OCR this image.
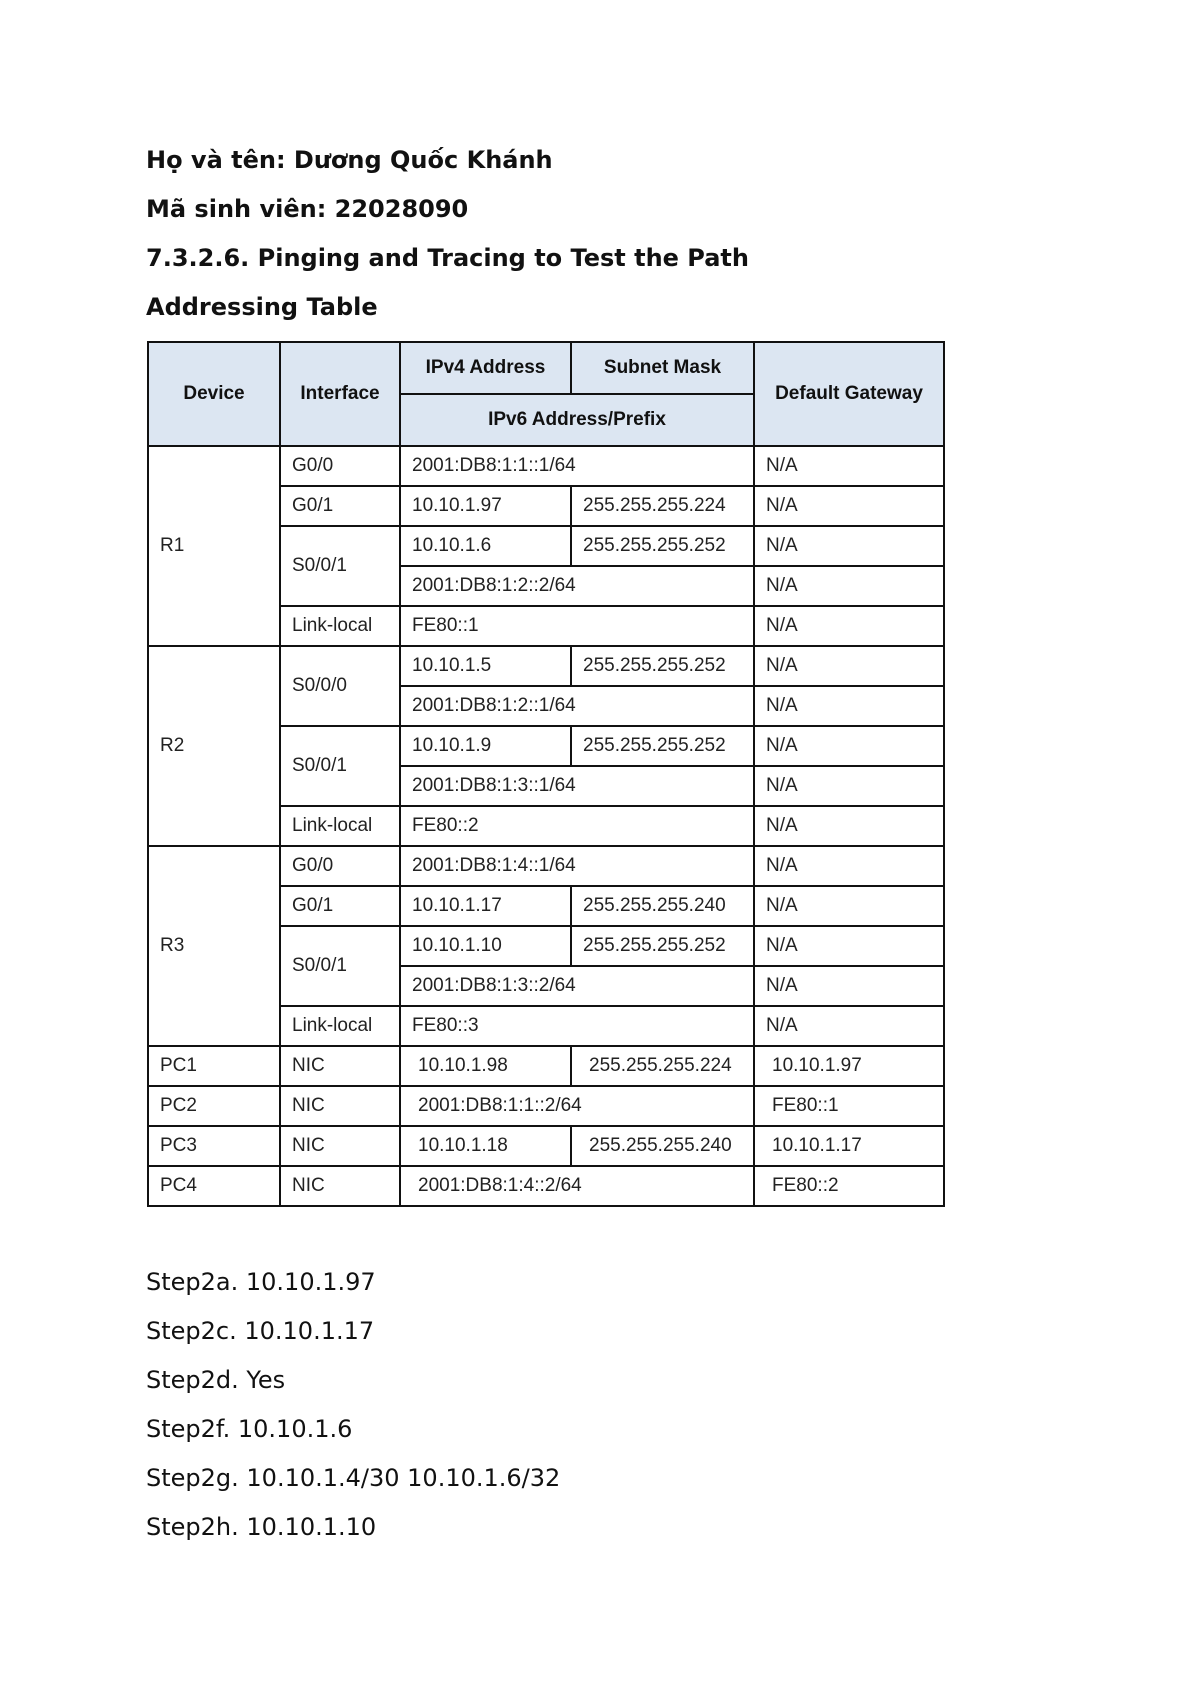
Họ và tên: Dương Quốc Khánh
Mã sinh viên: 22028090
7.3.2.6. Pinging and Tracing to Test the Path
Addressing Table
Device	Interface	IPv4 Address	Subnet Mask	Default Gateway
		IPv6 Address/Prefix		
R1	G0/0	2001:DB8:1:1::1/64		N/A
	G0/1	10.10.1.97	255.255.255.224	N/A
	S0/0/1	10.10.1.6	255.255.255.252	N/A
		2001:DB8:1:2::2/64		N/A
	Link-local	FE80::1		N/A
R2	S0/0/0	10.10.1.5	255.255.255.252	N/A
		2001:DB8:1:2::1/64		N/A
	S0/0/1	10.10.1.9	255.255.255.252	N/A
		2001:DB8:1:3::1/64		N/A
	Link-local	FE80::2		N/A
R3	G0/0	2001:DB8:1:4::1/64		N/A
	G0/1	10.10.1.17	255.255.255.240	N/A
	S0/0/1	10.10.1.10	255.255.255.252	N/A
		2001:DB8:1:3::2/64		N/A
	Link-local	FE80::3		N/A
PC1	NIC	10.10.1.98	255.255.255.224	10.10.1.97
PC2	NIC	2001:DB8:1:1::2/64		FE80::1
PC3	NIC	10.10.1.18	255.255.255.240	10.10.1.17
PC4	NIC	2001:DB8:1:4::2/64		FE80::2
Step2a. 10.10.1.97
Step2c. 10.10.1.17
Step2d. Yes
Step2f. 10.10.1.6
Step2g. 10.10.1.4/30 10.10.1.6/32
Step2h. 10.10.1.10
